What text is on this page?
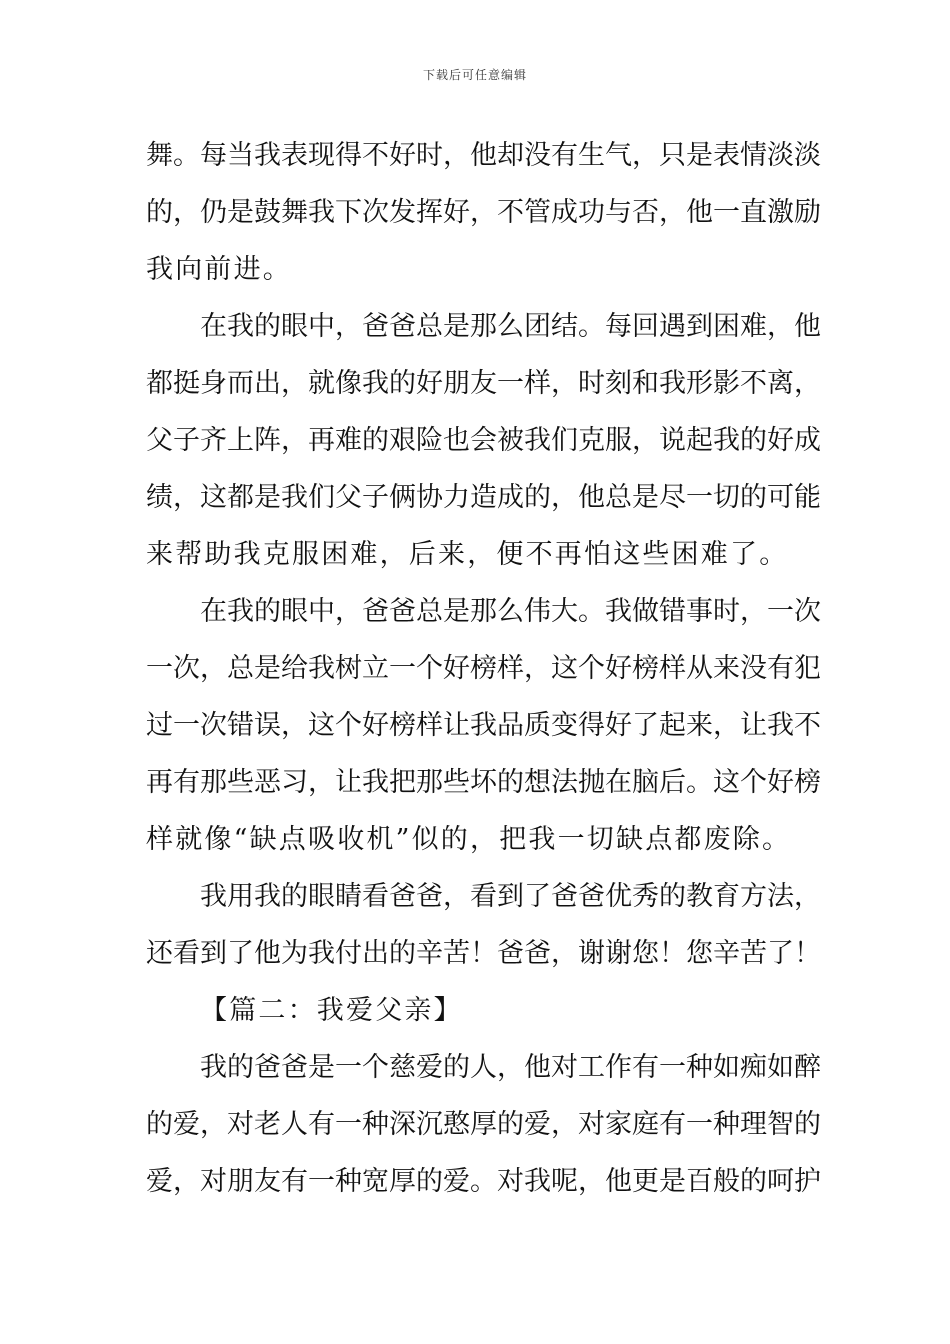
下载后可任意编辑
舞。每当我表现得不好时，他却没有生气，只是表情淡淡
的，仍是鼓舞我下次发挥好，不管成功与否，他一直激励
我向前进。
在我的眼中，爸爸总是那么团结。每回遇到困难，他
都挺身而出，就像我的好朋友一样，时刻和我形影不离，
父子齐上阵，再难的艰险也会被我们克服，说起我的好成
绩，这都是我们父子俩协力造成的，他总是尽一切的可能
来帮助我克服困难，后来，便不再怕这些困难了。
在我的眼中，爸爸总是那么伟大。我做错事时，一次
一次，总是给我树立一个好榜样，这个好榜样从来没有犯
过一次错误，这个好榜样让我品质变得好了起来，让我不
再有那些恶习，让我把那些坏的想法抛在脑后。这个好榜
样就像“缺点吸收机”似的，把我一切缺点都废除。
我用我的眼睛看爸爸，看到了爸爸优秀的教育方法，
还看到了他为我付出的辛苦！爸爸，谢谢您！您辛苦了！
【篇二：我爱父亲】
我的爸爸是一个慈爱的人，他对工作有一种如痴如醉
的爱，对老人有一种深沉憨厚的爱，对家庭有一种理智的
爱，对朋友有一种宽厚的爱。对我呢，他更是百般的呵护
